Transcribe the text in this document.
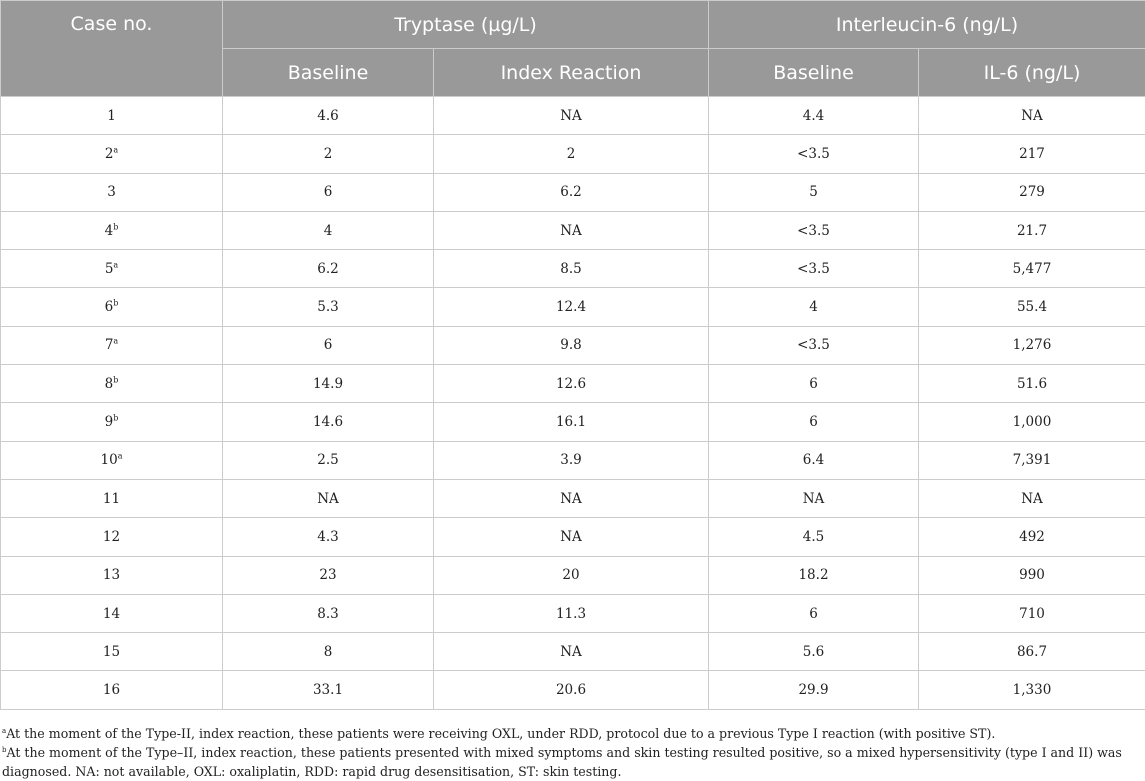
Case no.	Tryptase (µg/L)		Interleucin-6 (ng/L)	
	Baseline	Index Reaction	Baseline	IL-6 (ng/L)
1	4.6	NA	4.4	NA
2$^a$	2	2	<3.5	217
3	6	6.2	5	279
4$^b$	4	NA	<3.5	21.7
5$^a$	6.2	8.5	<3.5	5,477
6$^b$	5.3	12.4	4	55.4
7$^a$	6	9.8	<3.5	1,276
8$^b$	14.9	12.6	6	51.6
9$^b$	14.6	16.1	6	1,000
10$^a$	2.5	3.9	6.4	7,391
11	NA	NA	NA	NA
12	4.3	NA	4.5	492
13	23	20	18.2	990
14	8.3	11.3	6	710
15	8	NA	5.6	86.7
16	33.1	20.6	29.9	1,330

$^a$At the moment of the Type-II, index reaction, these patients were receiving OXL, under RDD, protocol due to a previous Type I reaction (with positive ST).

$^b$At the moment of the Type–II, index reaction, these patients presented with mixed symptoms and skin testing resulted positive, so a mixed hypersensitivity (type I and II) was diagnosed. NA: not available, OXL: oxaliplatin, RDD: rapid drug desensitisation, ST: skin testing.
